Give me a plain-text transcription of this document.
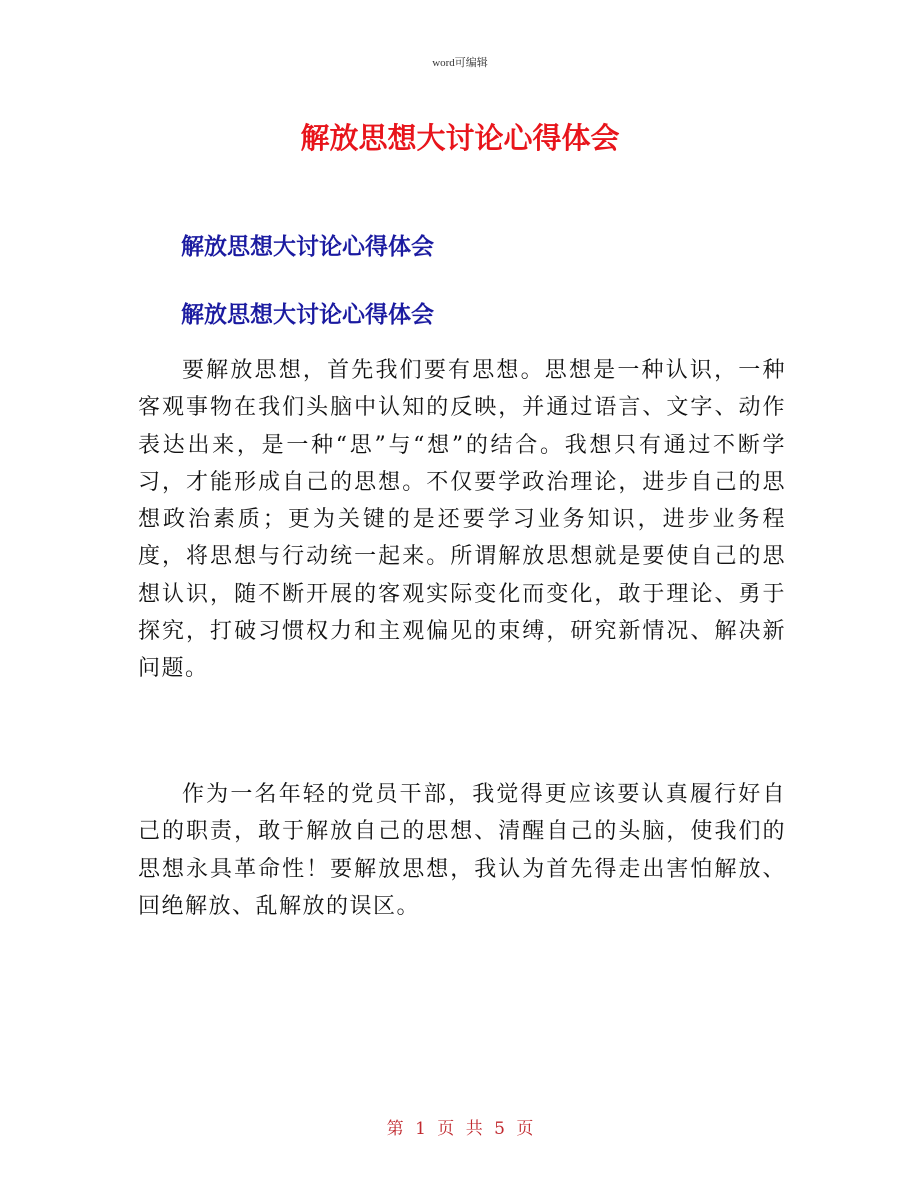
word可编辑
解放思想大讨论心得体会
解放思想大讨论心得体会
解放思想大讨论心得体会

要解放思想，首先我们要有思想。思想是一种认识，一种客观事物在我们头脑中认知的反映，并通过语言、文字、动作表达出来，是一种“思”与“想”的结合。我想只有通过不断学习，才能形成自己的思想。不仅要学政治理论，进步自己的思想政治素质；更为关键的是还要学习业务知识，进步业务程度，将思想与行动统一起来。所谓解放思想就是要使自己的思想认识，随不断开展的客观实际变化而变化，敢于理论、勇于探究，打破习惯权力和主观偏见的束缚，研究新情况、解决新问题。

作为一名年轻的党员干部，我觉得更应该要认真履行好自己的职责，敢于解放自己的思想、清醒自己的头脑，使我们的思想永具革命性！要解放思想，我认为首先得走出害怕解放、回绝解放、乱解放的误区。

第 1 页 共 5 页
